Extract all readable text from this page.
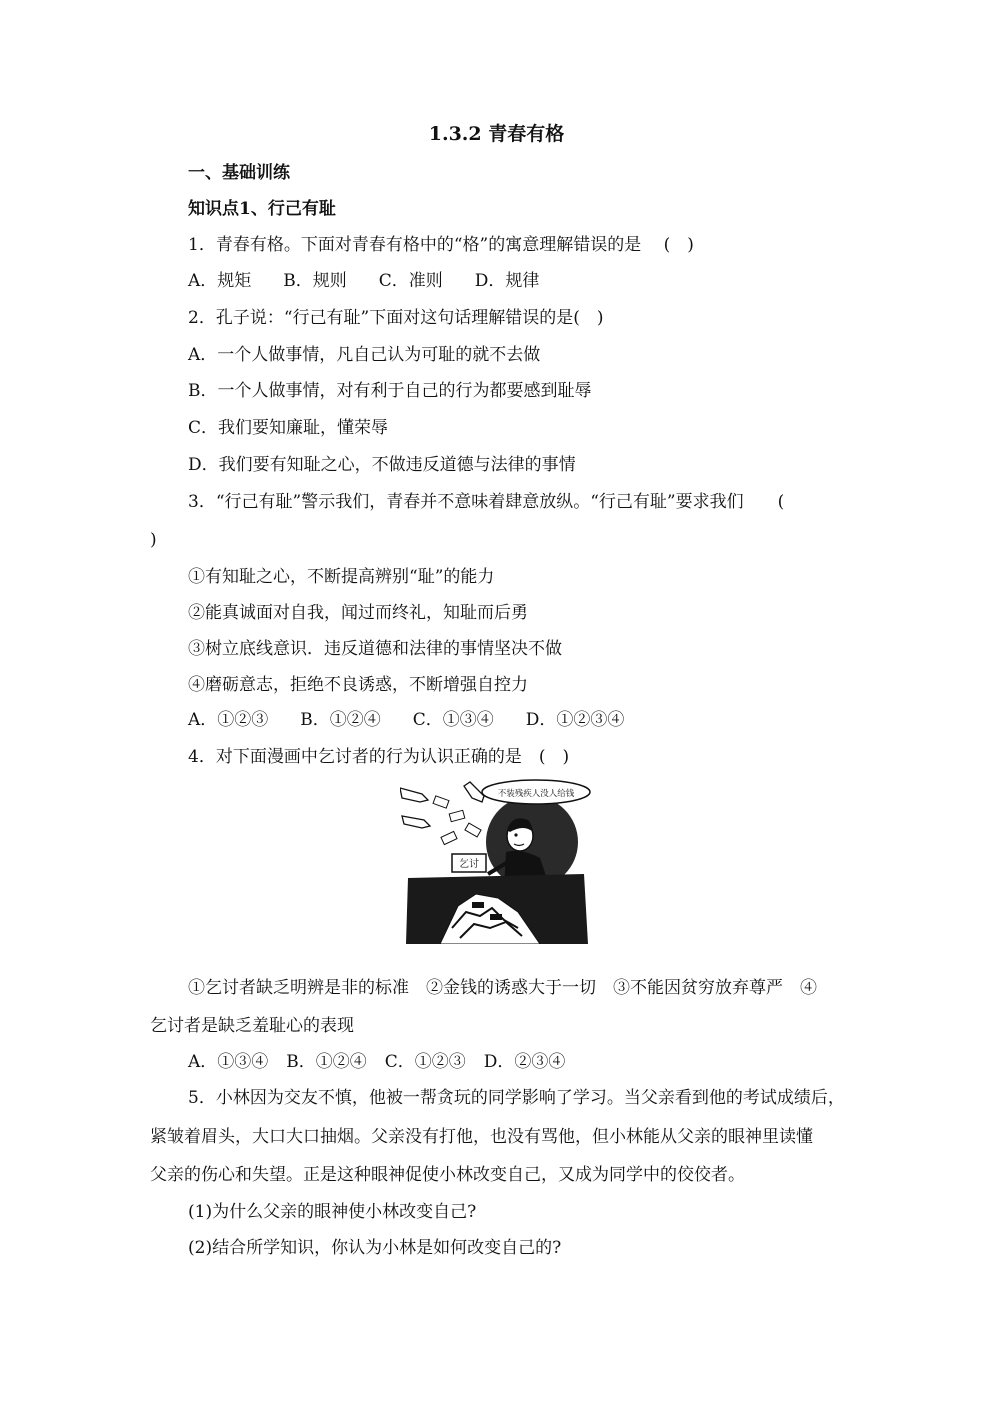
1.3.2 青春有格
一、基础训练
知识点1、行己有耻
1．青春有格。下面对青春有格中的“格”的寓意理解错误的是　 (　)
A．规矩 B．规则 C．准则 D．规律
2．孔子说：“行己有耻”下面对这句话理解错误的是(　)
A．一个人做事情，凡自己认为可耻的就不去做
B．一个人做事情，对有利于自己的行为都要感到耻辱
C．我们要知廉耻，懂荣辱
D．我们要有知耻之心，不做违反道德与法律的事情
3．“行己有耻”警示我们，青春并不意味着肆意放纵。“行己有耻”要求我们　　(
)
①有知耻之心，不断提高辨别“耻”的能力
②能真诚面对自我，闻过而终礼，知耻而后勇
③树立底线意识．违反道德和法律的事情坚决不做
④磨砺意志，拒绝不良诱惑，不断增强自控力
A．①②③ B．①②④ C．①③④ D．①②③④
4．对下面漫画中乞讨者的行为认识正确的是　(　)
不装残疾人没人给钱
乞讨
①乞讨者缺乏明辨是非的标准　②金钱的诱惑大于一切　③不能因贫穷放弃尊严　④
乞讨者是缺乏羞耻心的表现
A．①③④ B．①②④ C．①②③ D．②③④
5．小林因为交友不慎，他被一帮贪玩的同学影响了学习。当父亲看到他的考试成绩后，
紧皱着眉头，大口大口抽烟。父亲没有打他，也没有骂他，但小林能从父亲的眼神里读懂
父亲的伤心和失望。正是这种眼神促使小林改变自己，又成为同学中的佼佼者。
(1)为什么父亲的眼神使小林改变自己?
(2)结合所学知识，你认为小林是如何改变自己的?
